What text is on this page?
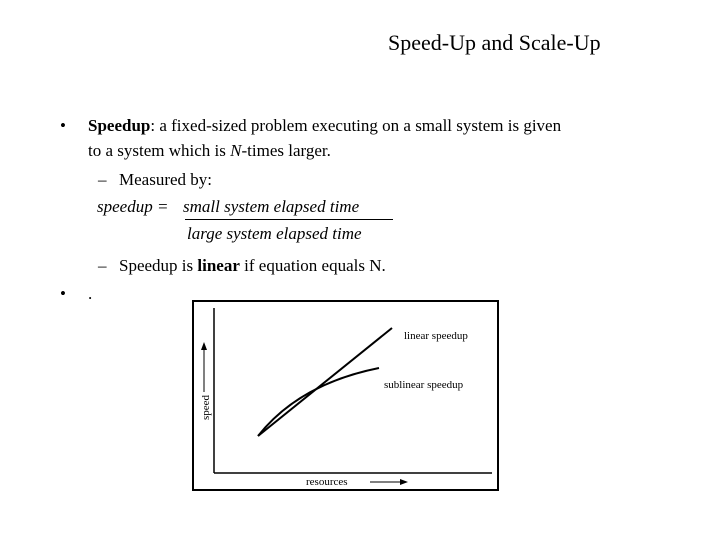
Speed-Up and Scale-Up
• Speedup: a fixed-sized problem executing on a small system is given
to a system which is N-times larger.
– Measured by:
speedup = small system elapsed time
large system elapsed time
– Speedup is linear if equation equals N.
• .
speed
resources
linear speedup
sublinear speedup
